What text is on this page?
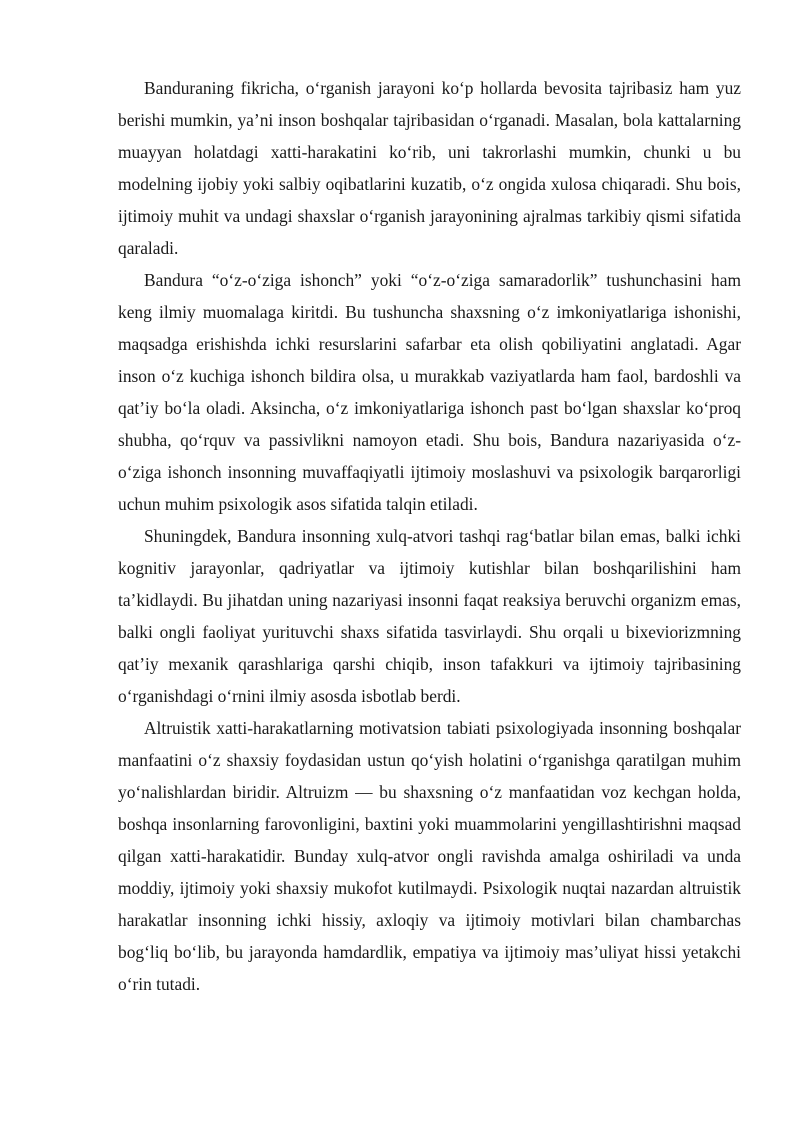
Banduraning fikricha, o‘rganish jarayoni ko‘p hollarda bevosita tajribasiz ham yuz berishi mumkin, ya’ni inson boshqalar tajribasidan o‘rganadi. Masalan, bola kattalarning muayyan holatdagi xatti-harakatini ko‘rib, uni takrorlashi mumkin, chunki u bu modelning ijobiy yoki salbiy oqibatlarini kuzatib, o‘z ongida xulosa chiqaradi. Shu bois, ijtimoiy muhit va undagi shaxslar o‘rganish jarayonining ajralmas tarkibiy qismi sifatida qaraladi.

Bandura “o‘z-o‘ziga ishonch” yoki “o‘z-o‘ziga samaradorlik” tushunchasini ham keng ilmiy muomalaga kiritdi. Bu tushuncha shaxsning o‘z imkoniyatlariga ishonishi, maqsadga erishishda ichki resurslarini safarbar eta olish qobiliyatini anglatadi. Agar inson o‘z kuchiga ishonch bildira olsa, u murakkab vaziyatlarda ham faol, bardoshli va qat’iy bo‘la oladi. Aksincha, o‘z imkoniyatlariga ishonch past bo‘lgan shaxslar ko‘proq shubha, qo‘rquv va passivlikni namoyon etadi. Shu bois, Bandura nazariyasida o‘z-o‘ziga ishonch insonning muvaffaqiyatli ijtimoiy moslashuvi va psixologik barqarorligi uchun muhim psixologik asos sifatida talqin etiladi.

Shuningdek, Bandura insonning xulq-atvori tashqi rag‘batlar bilan emas, balki ichki kognitiv jarayonlar, qadriyatlar va ijtimoiy kutishlar bilan boshqarilishini ham ta’kidlaydi. Bu jihatdan uning nazariyasi insonni faqat reaksiya beruvchi organizm emas, balki ongli faoliyat yurituvchi shaxs sifatida tasvirlaydi. Shu orqali u bixeviorizmning qat’iy mexanik qarashlariga qarshi chiqib, inson tafakkuri va ijtimoiy tajribasining o‘rganishdagi o‘rnini ilmiy asosda isbotlab berdi.

Altruistik xatti-harakatlarning motivatsion tabiati psixologiyada insonning boshqalar manfaatini o‘z shaxsiy foydasidan ustun qo‘yish holatini o‘rganishga qaratilgan muhim yo‘nalishlardan biridir. Altruizm — bu shaxsning o‘z manfaatidan voz kechgan holda, boshqa insonlarning farovonligini, baxtini yoki muammolarini yengillashtirishni maqsad qilgan xatti-harakatidir. Bunday xulq-atvor ongli ravishda amalga oshiriladi va unda moddiy, ijtimoiy yoki shaxsiy mukofot kutilmaydi. Psixologik nuqtai nazardan altruistik harakatlar insonning ichki hissiy, axloqiy va ijtimoiy motivlari bilan chambarchas bog‘liq bo‘lib, bu jarayonda hamdardlik, empatiya va ijtimoiy mas’uliyat hissi yetakchi o‘rin tutadi.
